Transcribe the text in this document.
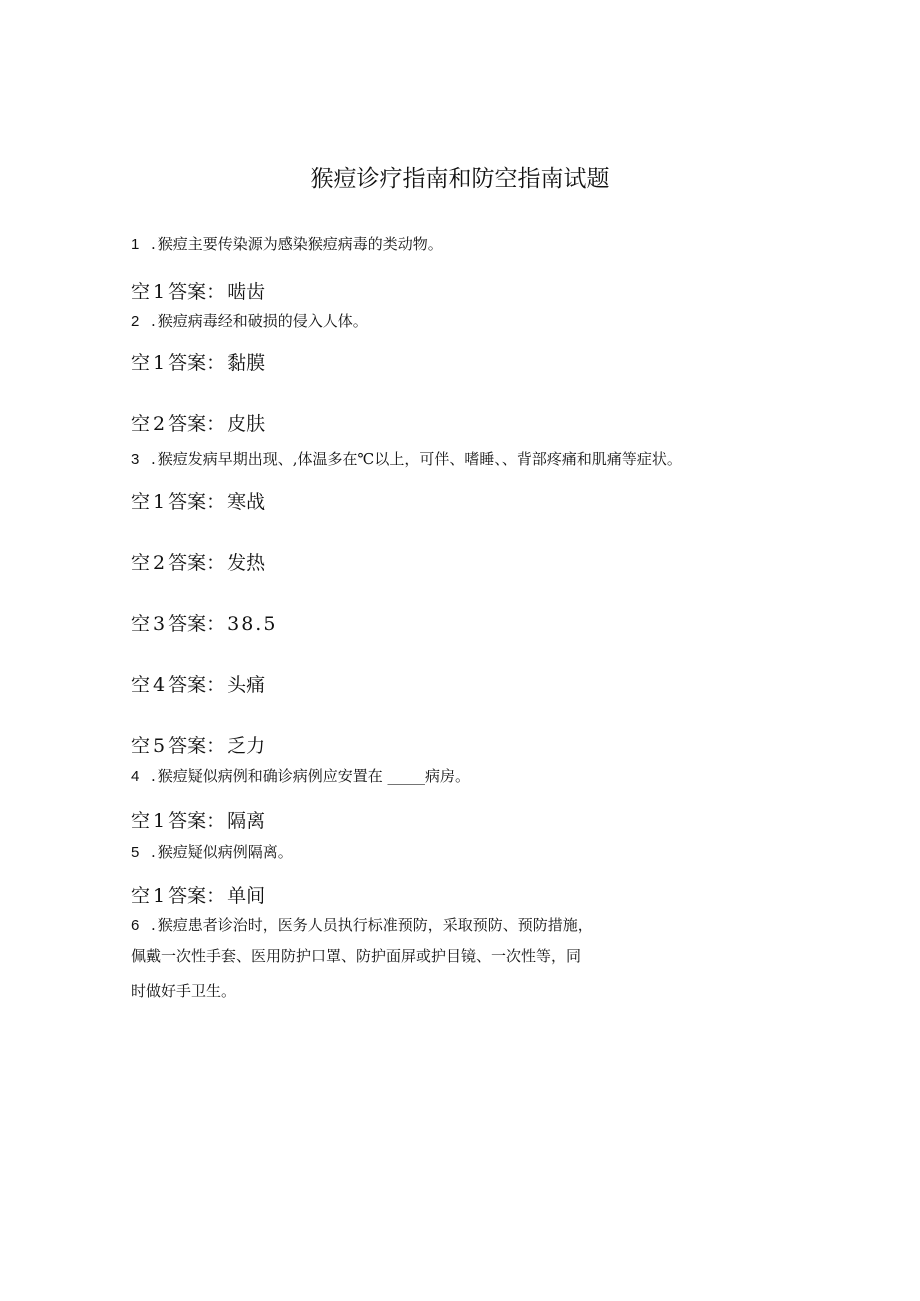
猴痘诊疗指南和防空指南试题
1 . 猴痘主要传染源为感染猴痘病毒的类动物。
空 1 答案： 啮齿
2 . 猴痘病毒经和破损的侵入人体。
空 1 答案： 黏膜
空 2 答案： 皮肤
3 . 猴痘发病早期出现、,体温多在℃以上，可伴、嗜睡、、背部疼痛和肌痛等症状。
空 1 答案： 寒战
空 2 答案： 发热
空 3 答案： 38.5
空 4 答案： 头痛
空 5 答案： 乏力
4 . 猴痘疑似病例和确诊病例应安置在 _____病房。
空 1 答案： 隔离
5 . 猴痘疑似病例隔离。
空 1 答案： 单间
6 . 猴痘患者诊治时，医务人员执行标准预防，采取预防、预防措施，
佩戴一次性手套、医用防护口罩、防护面屏或护目镜、一次性等，同
时做好手卫生。
